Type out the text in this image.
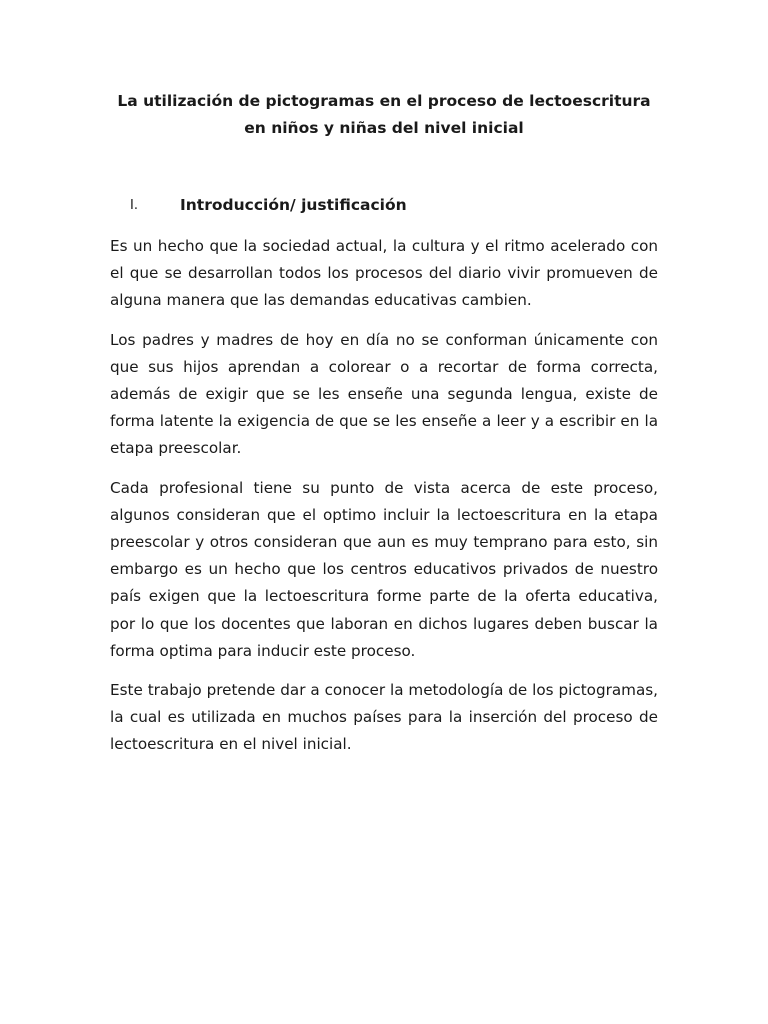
La utilización de pictogramas en el proceso de lectoescritura
en niños y niñas del nivel inicial
I.	Introducción/ justificación

Es un hecho que la sociedad actual, la cultura y el ritmo acelerado con el que se desarrollan todos los procesos del diario vivir promueven de alguna manera que las demandas educativas cambien.

Los padres y madres de hoy en día no se conforman únicamente con que sus hijos aprendan a colorear o a recortar de forma correcta, además de exigir que se les enseñe una segunda lengua, existe de forma latente la exigencia de que se les enseñe a leer y a escribir en la etapa preescolar.

Cada profesional tiene su punto de vista acerca de este proceso, algunos consideran que el optimo incluir la lectoescritura en la etapa preescolar y otros consideran que aun es muy temprano para esto, sin embargo es un hecho que los centros educativos privados de nuestro país exigen que la lectoescritura forme parte de la oferta educativa, por lo que los docentes que laboran en dichos lugares deben buscar la forma optima para inducir este proceso.

Este trabajo pretende dar a conocer la metodología de los pictogramas, la cual es utilizada en muchos países para la inserción del proceso de lectoescritura en el nivel inicial.
